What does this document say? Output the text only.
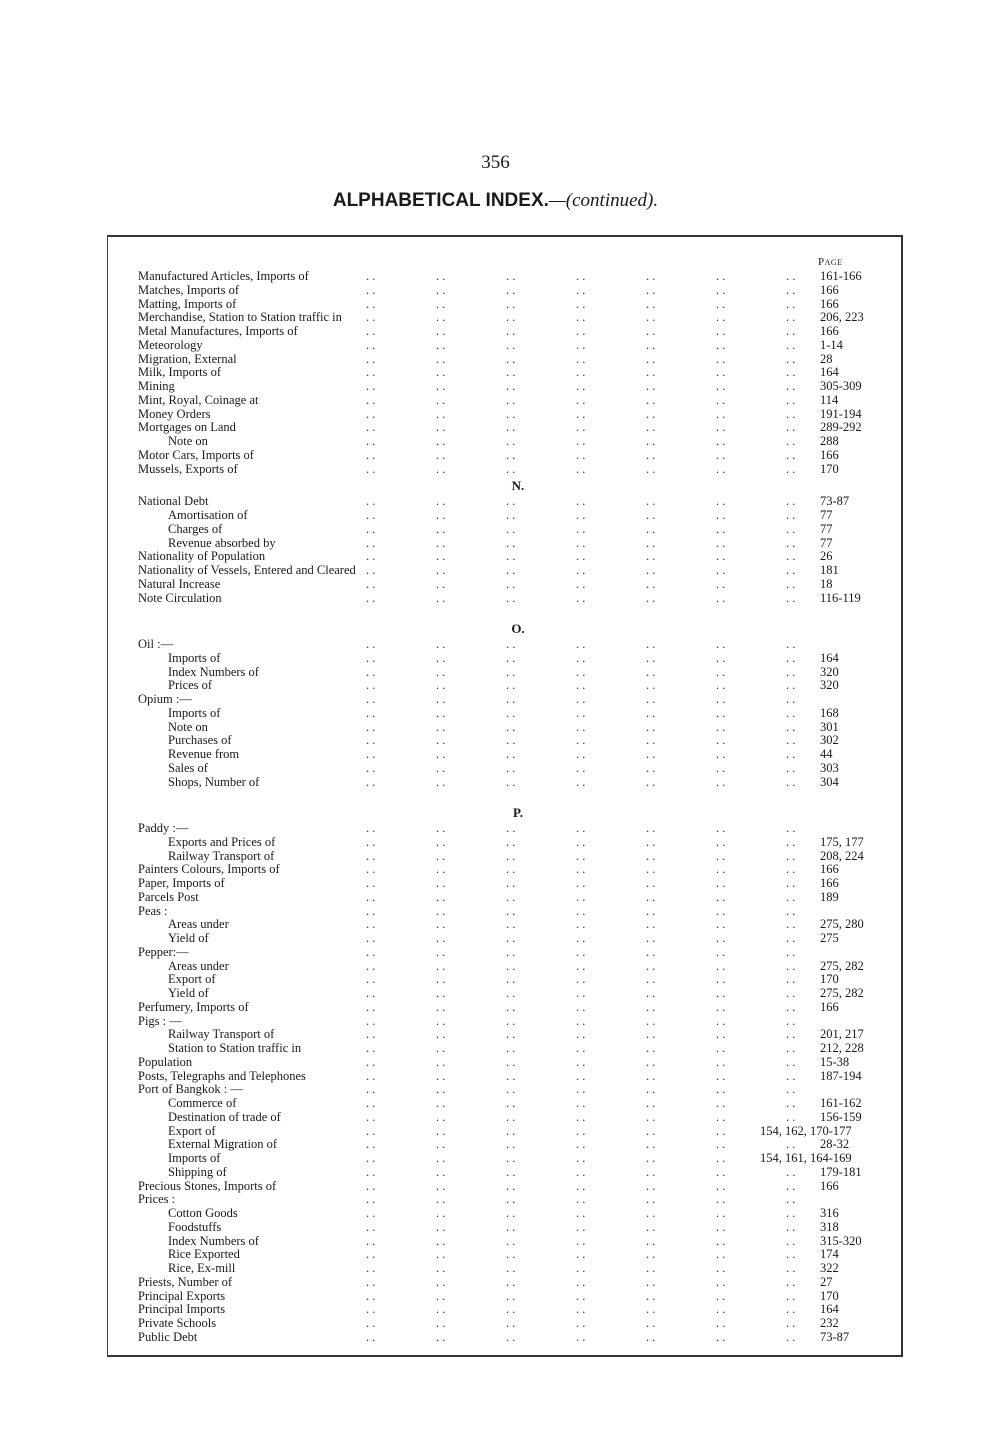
356
ALPHABETICAL INDEX.—(continued).
Page
Manufactured Articles, Imports of	. .	. .	. .	. .	. .	. .	. . 161-166
Matches, Imports of	. .	. .	. .	. .	. .	. .	. . 166
Matting, Imports of	. .	. .	. .	. .	. .	. .	. . 166
Merchandise, Station to Station traffic in . .	. .	. .	. .	. .	. .	. . 206, 223
Metal Manufactures, Imports of	. .	. .	. .	. .	. .	. .	. . 166
Meteorology	. .	. .	. .	. .	. .	. .	. . 1-14
Migration, External	. .	. .	. .	. .	. .	. .	. . 28
Milk, Imports of	. .	. .	. .	. .	. .	. .	. . 164
Mining	. .	. .	. .	. .	. .	. .	. . 305-309
Mint, Royal, Coinage at	. .	. .	. .	. .	. .	. .	. . 114
Money Orders	. .	. .	. .	. .	. .	. .	. . 191-194
Mortgages on Land	. .	. .	. .	. .	. .	. .	. . 289-292
Note on	. .	. .	. .	. .	. .	. .	. . 288
Motor Cars, Imports of	. .	. .	. .	. .	. .	. .	. . 166
Mussels, Exports of	. .	. .	. .	. .	. .	. .	. . 170
N.
National Debt	. .	. .	. .	. .	. .	. .	. . 73-87
Amortisation of	. .	. .	. .	. .	. .	. .	. . 77
Charges of	. .	. .	. .	. .	. .	. .	. . 77
Revenue absorbed by	. .	. .	. .	. .	. .	. .	. . 77
Nationality of Population	. .	. .	. .	. .	. .	. .	. . 26
Nationality of Vessels, Entered and Cleared . .	. .	. .	. .	. .	. .	. . 181
Natural Increase	. .	. .	. .	. .	. .	. .	. . 18
Note Circulation	. .	. .	. .	. .	. .	. .	. . 116-119
O.
Oil :—	. .	. .	. .	. .	. .	. .	. .
Imports of	. .	. .	. .	. .	. .	. .	. . 164
Index Numbers of	. .	. .	. .	. .	. .	. .	. . 320
Prices of	. .	. .	. .	. .	. .	. .	. . 320
Opium :—	. .	. .	. .	. .	. .	. .	. .
Imports of	. .	. .	. .	. .	. .	. .	. . 168
Note on	. .	. .	. .	. .	. .	. .	. . 301
Purchases of	. .	. .	. .	. .	. .	. .	. . 302
Revenue from	. .	. .	. .	. .	. .	. .	. . 44
Sales of	. .	. .	. .	. .	. .	. .	. . 303
Shops, Number of	. .	. .	. .	. .	. .	. .	. . 304
P.
Paddy :—	. .	. .	. .	. .	. .	. .	. .
Exports and Prices of	. .	. .	. .	. .	. .	. .	. . 175, 177
Railway Transport of	. .	. .	. .	. .	. .	. .	. . 208, 224
Painters Colours, Imports of	. .	. .	. .	. .	. .	. .	. . 166
Paper, Imports of	. .	. .	. .	. .	. .	. .	. . 166
Parcels Post	. .	. .	. .	. .	. .	. .	. . 189
Peas :	. .	. .	. .	. .	. .	. .	. .
Areas under	. .	. .	. .	. .	. .	. .	. . 275, 280
Yield of	. .	. .	. .	. .	. .	. .	. . 275
Pepper:—	. .	. .	. .	. .	. .	. .	. .
Areas under	. .	. .	. .	. .	. .	. .	. . 275, 282
Export of	. .	. .	. .	. .	. .	. .	. . 170
Yield of	. .	. .	. .	. .	. .	. .	. . 275, 282
Perfumery, Imports of	. .	. .	. .	. .	. .	. .	. . 166
Pigs : —	. .	. .	. .	. .	. .	. .	. .
Railway Transport of	. .	. .	. .	. .	. .	. .	. . 201, 217
Station to Station traffic in	. .	. .	. .	. .	. .	. .	. . 212, 228
Population	. .	. .	. .	. .	. .	. .	. . 15-38
Posts, Telegraphs and Telephones	. .	. .	. .	. .	. .	. .	. . 187-194
Port of Bangkok : —	. .	. .	. .	. .	. .	. .	. .
Commerce of	. .	. .	. .	. .	. .	. .	. . 161-162
Destination of trade of	. .	. .	. .	. .	. .	. .	. . 156-159
Export of	. .	. .	. .	. .	. .	. .	154, 162, 170-177
External Migration of	. .	. .	. .	. .	. .	. .	. . 28-32
Imports of	. .	. .	. .	. .	. .	. .	154, 161, 164-169
Shipping of	. .	. .	. .	. .	. .	. .	. . 179-181
Precious Stones, Imports of	. .	. .	. .	. .	. .	. .	. . 166
Prices :	. .	. .	. .	. .	. .	. .	. .
Cotton Goods	. .	. .	. .	. .	. .	. .	. . 316
Foodstuffs	. .	. .	. .	. .	. .	. .	. . 318
Index Numbers of	. .	. .	. .	. .	. .	. .	. . 315-320
Rice Exported	. .	. .	. .	. .	. .	. .	. . 174
Rice, Ex-mill	. .	. .	. .	. .	. .	. .	. . 322
Priests, Number of	. .	. .	. .	. .	. .	. .	. . 27
Principal Exports	. .	. .	. .	. .	. .	. .	. . 170
Principal Imports	. .	. .	. .	. .	. .	. .	. . 164
Private Schools	. .	. .	. .	. .	. .	. .	. . 232
Public Debt	. .	. .	. .	. .	. .	. .	. . 73-87
